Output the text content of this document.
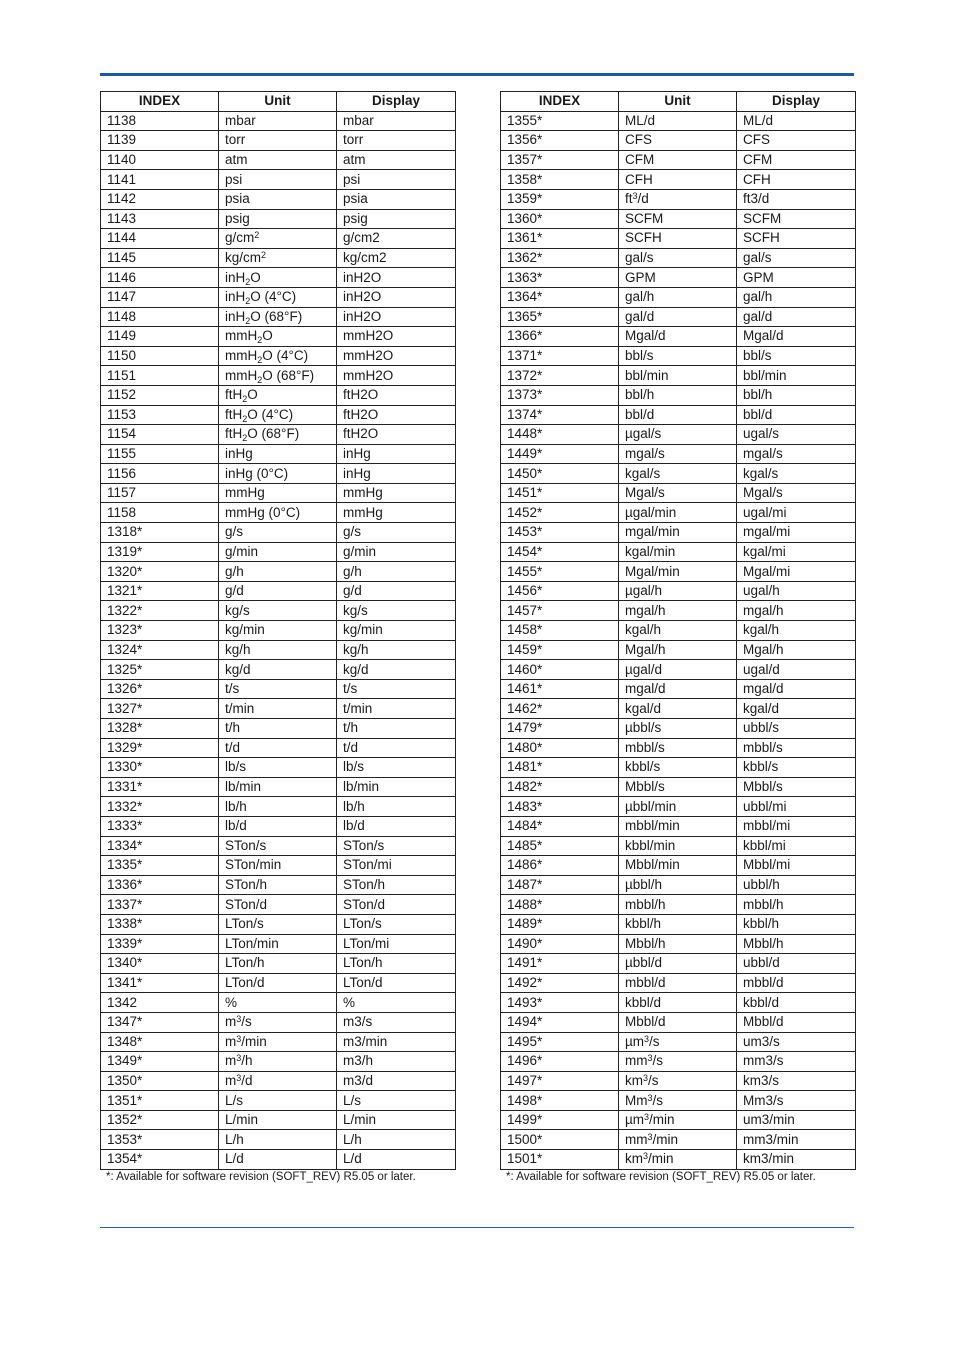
INDEX	Unit	Display
1138	mbar	mbar
1139	torr	torr
1140	atm	atm
1141	psi	psi
1142	psia	psia
1143	psig	psig
1144	$g/cm^2$	g/cm2
1145	$kg/cm^2$	kg/cm2
1146	inH$_2$O	inH2O
1147	inH$_2$O (4°C)	inH2O
1148	inH$_2$O (68°F)	inH2O
1149	mmH$_2$O	mmH2O
1150	mmH$_2$O (4°C)	mmH2O
1151	mmH$_2$O (68°F)	mmH2O
1152	ftH$_2$O	ftH2O
1153	ftH$_2$O (4°C)	ftH2O
1154	ftH$_2$O (68°F)	ftH2O
1155	inHg	inHg
1156	inHg (0°C)	inHg
1157	mmHg	mmHg
1158	mmHg (0°C)	mmHg
1318*	g/s	g/s
1319*	g/min	g/min
1320*	g/h	g/h
1321*	g/d	g/d
1322*	kg/s	kg/s
1323*	kg/min	kg/min
1324*	kg/h	kg/h
1325*	kg/d	kg/d
1326*	t/s	t/s
1327*	t/min	t/min
1328*	t/h	t/h
1329*	t/d	t/d
1330*	lb/s	lb/s
1331*	lb/min	lb/min
1332*	lb/h	lb/h
1333*	lb/d	lb/d
1334*	STon/s	STon/s
1335*	STon/min	STon/mi
1336*	STon/h	STon/h
1337*	STon/d	STon/d
1338*	LTon/s	LTon/s
1339*	LTon/min	LTon/mi
1340*	LTon/h	LTon/h
1341*	LTon/d	LTon/d
1342	%	%
1347*	$m^3/s$	m3/s
1348*	$m^3/\min$	m3/min
1349*	$m^3/h$	m3/h
1350*	$m^3/d$	m3/d
1351*	L/s	L/s
1352*	L/min	L/min
1353*	L/h	L/h
1354*	L/d	L/d
*: Available for software revision (SOFT_REV) R5.05 or later.
INDEX	Unit	Display
1355*	ML/d	ML/d
1356*	CFS	CFS
1357*	CFM	CFM
1358*	CFH	CFH
1359*	$ft^3/d$	ft3/d
1360*	SCFM	SCFM
1361*	SCFH	SCFH
1362*	gal/s	gal/s
1363*	GPM	GPM
1364*	gal/h	gal/h
1365*	gal/d	gal/d
1366*	Mgal/d	Mgal/d
1371*	bbl/s	bbl/s
1372*	bbl/min	bbl/min
1373*	bbl/h	bbl/h
1374*	bbl/d	bbl/d
1448*	µgal/s	ugal/s
1449*	mgal/s	mgal/s
1450*	kgal/s	kgal/s
1451*	Mgal/s	Mgal/s
1452*	µgal/min	ugal/mi
1453*	mgal/min	mgal/mi
1454*	kgal/min	kgal/mi
1455*	Mgal/min	Mgal/mi
1456*	µgal/h	ugal/h
1457*	mgal/h	mgal/h
1458*	kgal/h	kgal/h
1459*	Mgal/h	Mgal/h
1460*	µgal/d	ugal/d
1461*	mgal/d	mgal/d
1462*	kgal/d	kgal/d
1479*	µbbl/s	ubbl/s
1480*	mbbl/s	mbbl/s
1481*	kbbl/s	kbbl/s
1482*	Mbbl/s	Mbbl/s
1483*	µbbl/min	ubbl/mi
1484*	mbbl/min	mbbl/mi
1485*	kbbl/min	kbbl/mi
1486*	Mbbl/min	Mbbl/mi
1487*	µbbl/h	ubbl/h
1488*	mbbl/h	mbbl/h
1489*	kbbl/h	kbbl/h
1490*	Mbbl/h	Mbbl/h
1491*	µbbl/d	ubbl/d
1492*	mbbl/d	mbbl/d
1493*	kbbl/d	kbbl/d
1494*	Mbbl/d	Mbbl/d
1495*	µm$^3$/s	um3/s
1496*	$mm^3/s$	mm3/s
1497*	$km^3/s$	km3/s
1498*	Mm$^3$/s	Mm3/s
1499*	µm$^3$/min	um3/min
1500*	$mm^3/\min$	mm3/min
1501*	$km^3/\min$	km3/min
*: Available for software revision (SOFT_REV) R5.05 or later.
